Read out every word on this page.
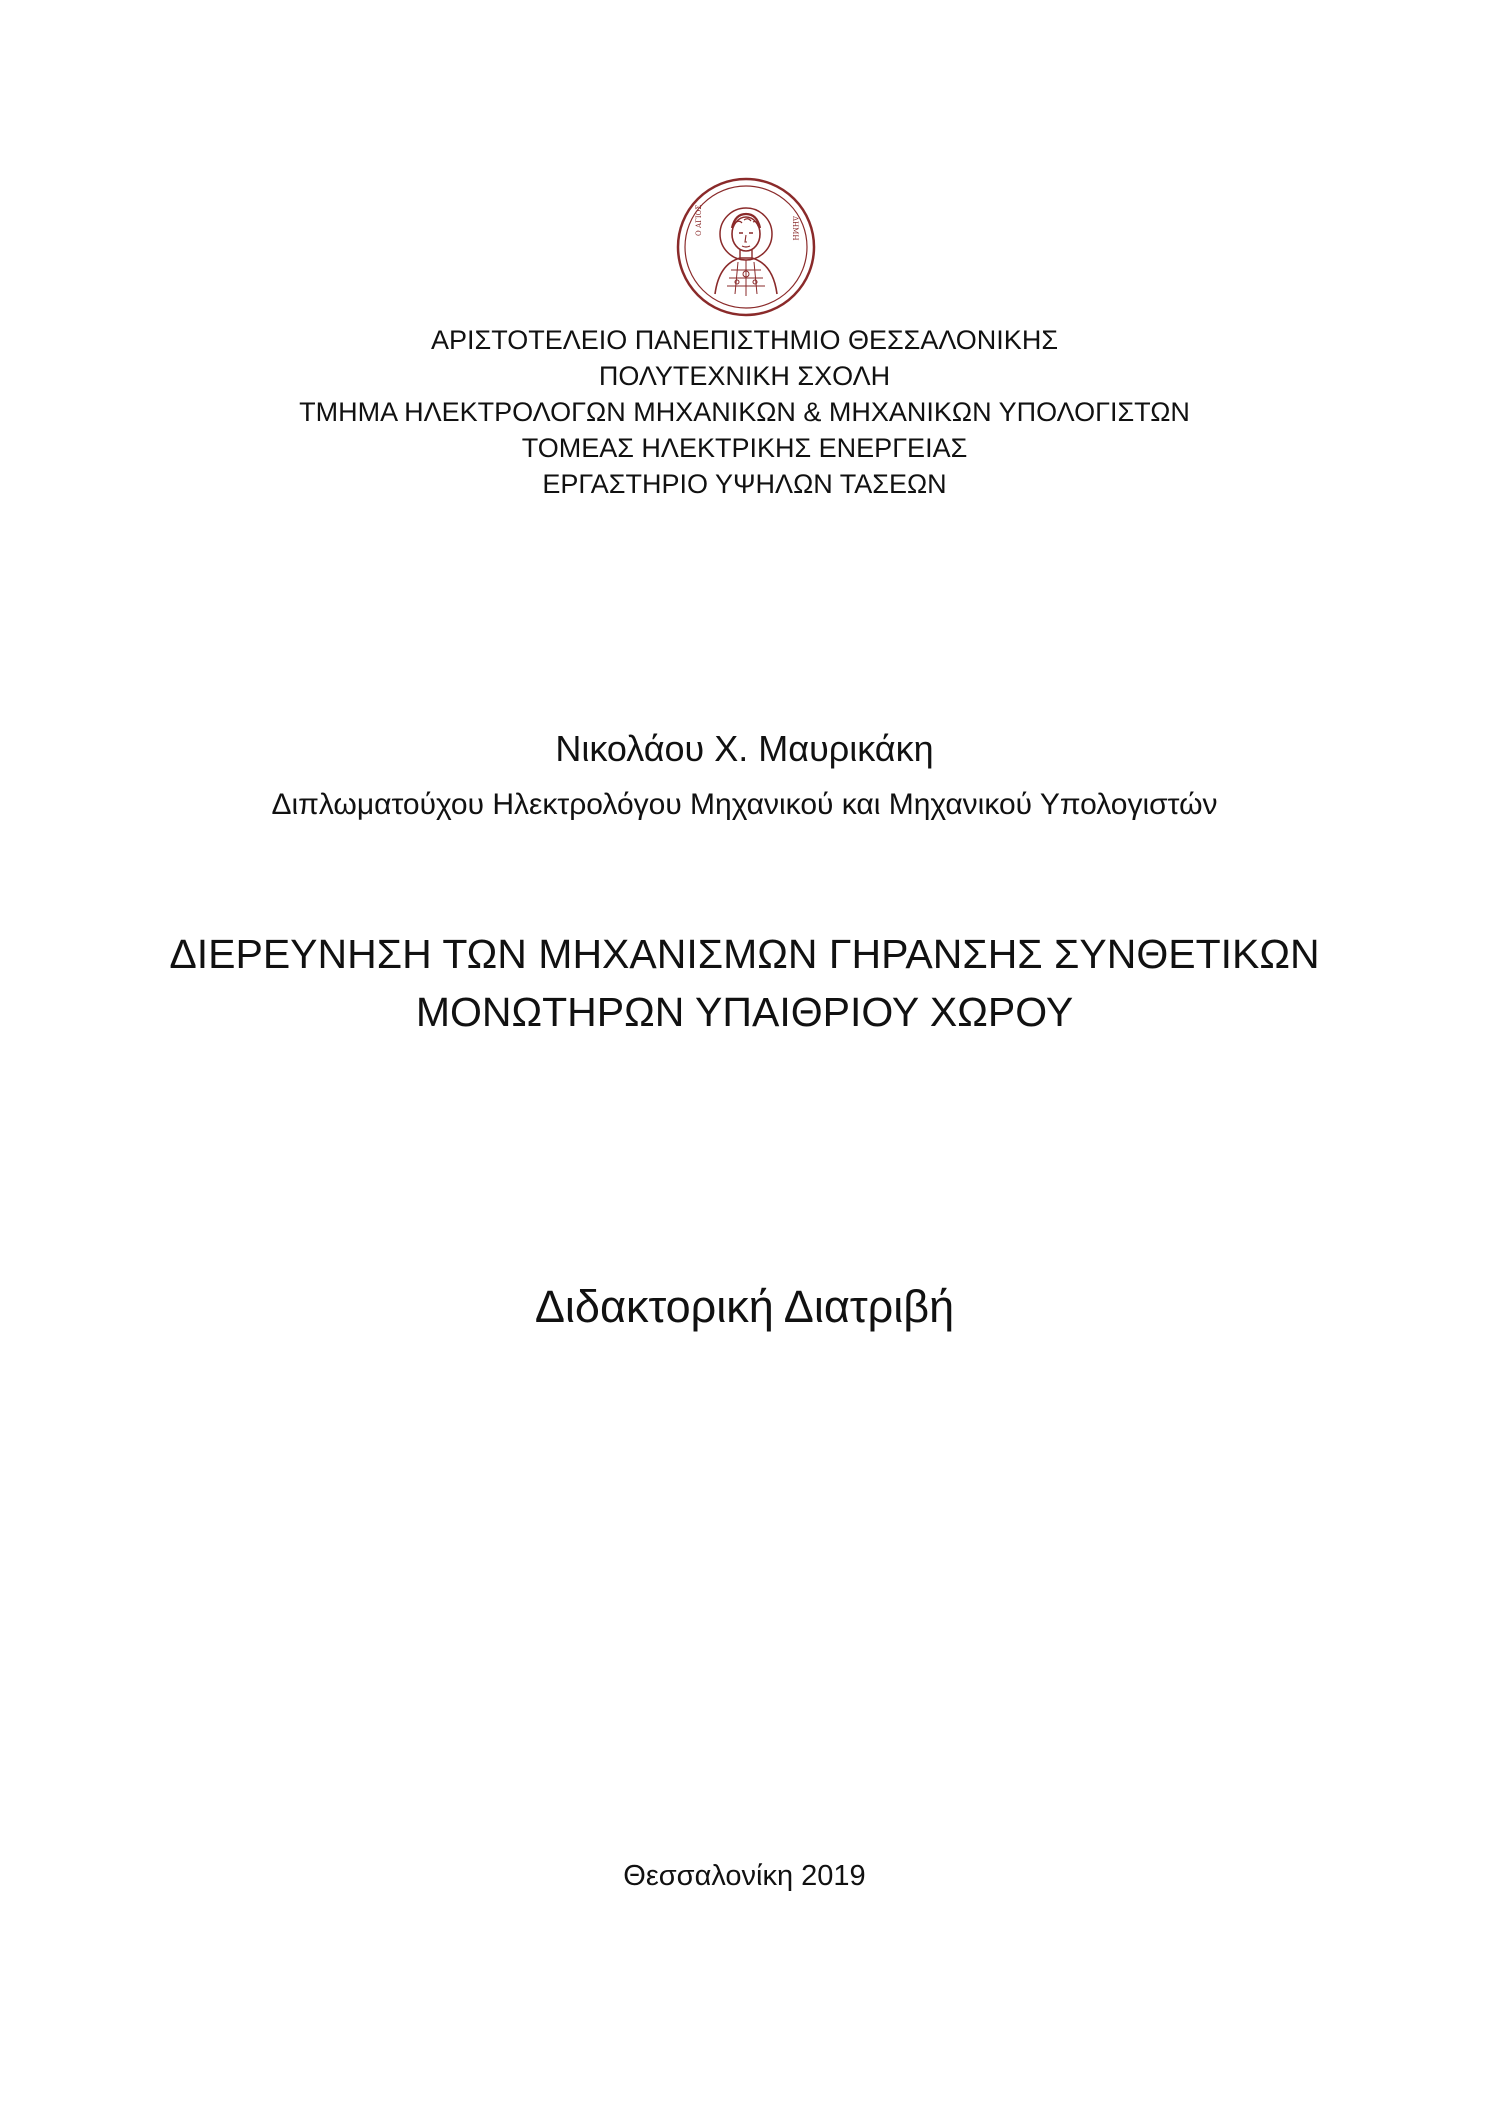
Ο ΑΓΙΟΣ	ΔΗΜΗ
ΑΡΙΣΤΟΤΕΛΕΙΟ ΠΑΝΕΠΙΣΤΗΜΙΟ ΘΕΣΣΑΛΟΝΙΚΗΣ
ΠΟΛΥΤΕΧΝΙΚΗ ΣΧΟΛΗ
ΤΜΗΜΑ ΗΛΕΚΤΡΟΛΟΓΩΝ ΜΗΧΑΝΙΚΩΝ & ΜΗΧΑΝΙΚΩΝ ΥΠΟΛΟΓΙΣΤΩΝ
ΤΟΜΕΑΣ ΗΛΕΚΤΡΙΚΗΣ ΕΝΕΡΓΕΙΑΣ
ΕΡΓΑΣΤΗΡΙΟ ΥΨΗΛΩΝ ΤΑΣΕΩΝ
Νικολάου Χ. Μαυρικάκη
Διπλωματούχου Ηλεκτρολόγου Μηχανικού και Μηχανικού Υπολογιστών
ΔΙΕΡΕΥΝΗΣΗ ΤΩΝ ΜΗΧΑΝΙΣΜΩΝ ΓΗΡΑΝΣΗΣ ΣΥΝΘΕΤΙΚΩΝ
ΜΟΝΩΤΗΡΩΝ ΥΠΑΙΘΡΙΟΥ ΧΩΡΟΥ
Διδακτορική Διατριβή
Θεσσαλονίκη 2019
